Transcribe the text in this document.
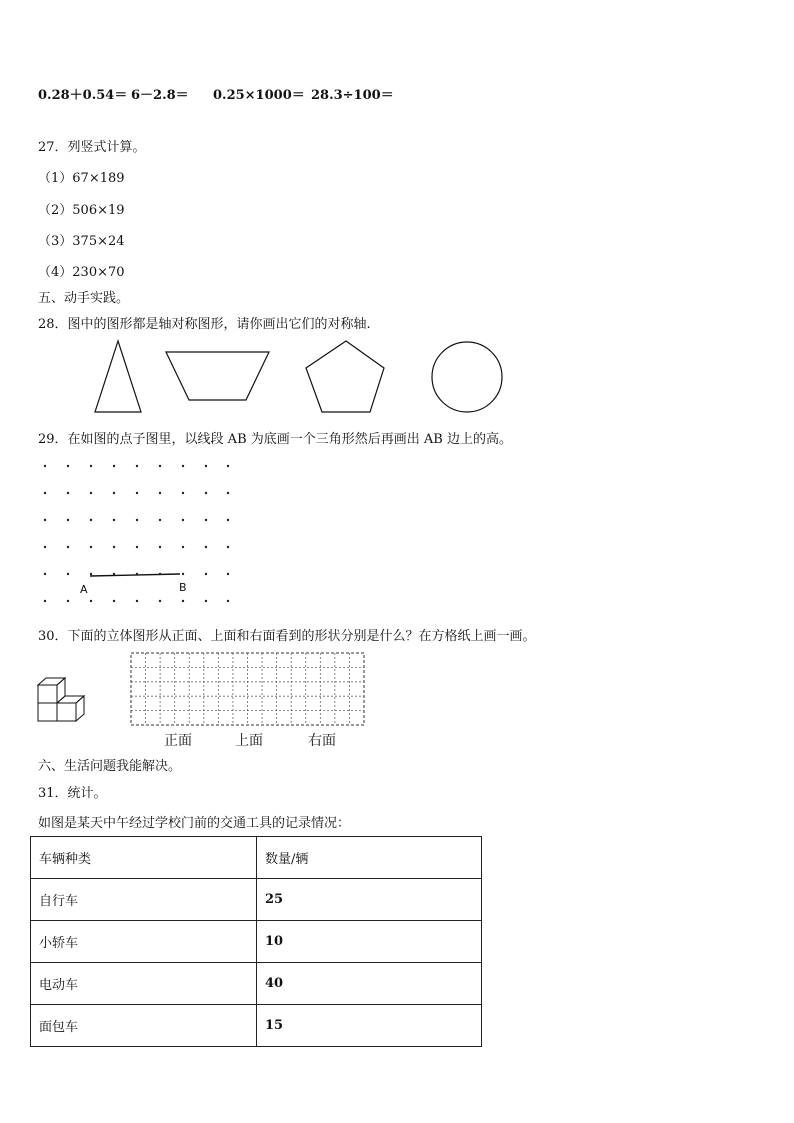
0.28＋0.54＝ 6－2.8＝ 0.25×1000＝ 28.3÷100＝
27．列竖式计算。
（1）67×189
（2）506×19
（3）375×24
（4）230×70
五、动手实践。
28．图中的图形都是轴对称图形，请你画出它们的对称轴.
29．在如图的点子图里，以线段 AB 为底画一个三角形然后再画出 AB 边上的高。
A	B
30．下面的立体图形从正面、上面和右面看到的形状分别是什么？在方格纸上画一画。
正面	上面	右面
六、生活问题我能解决。
31．统计。
如图是某天中午经过学校门前的交通工具的记录情况：
车辆种类	数量/辆
自行车	25
小轿车	10
电动车	40
面包车	15
